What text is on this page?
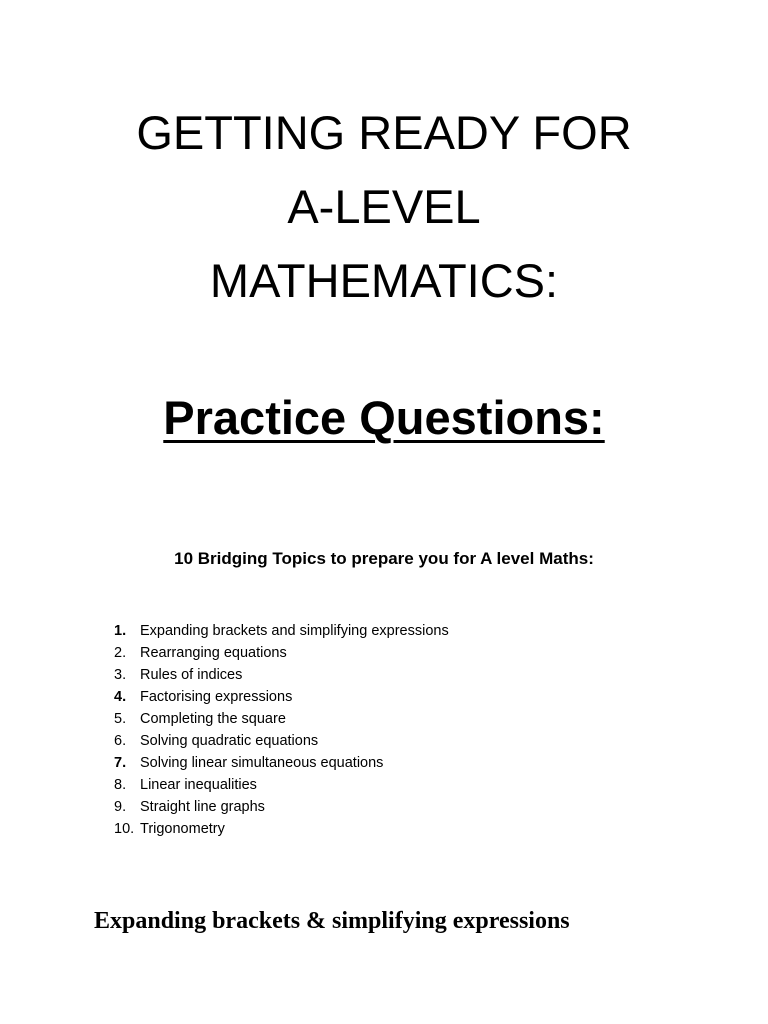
GETTING READY FOR
A-LEVEL
MATHEMATICS:
Practice Questions:
10 Bridging Topics to prepare you for A level Maths:
1. Expanding brackets and simplifying expressions
2. Rearranging equations
3. Rules of indices
4. Factorising expressions
5. Completing the square
6. Solving quadratic equations
7. Solving linear simultaneous equations
8. Linear inequalities
9. Straight line graphs
10. Trigonometry
Expanding brackets & simplifying expressions
